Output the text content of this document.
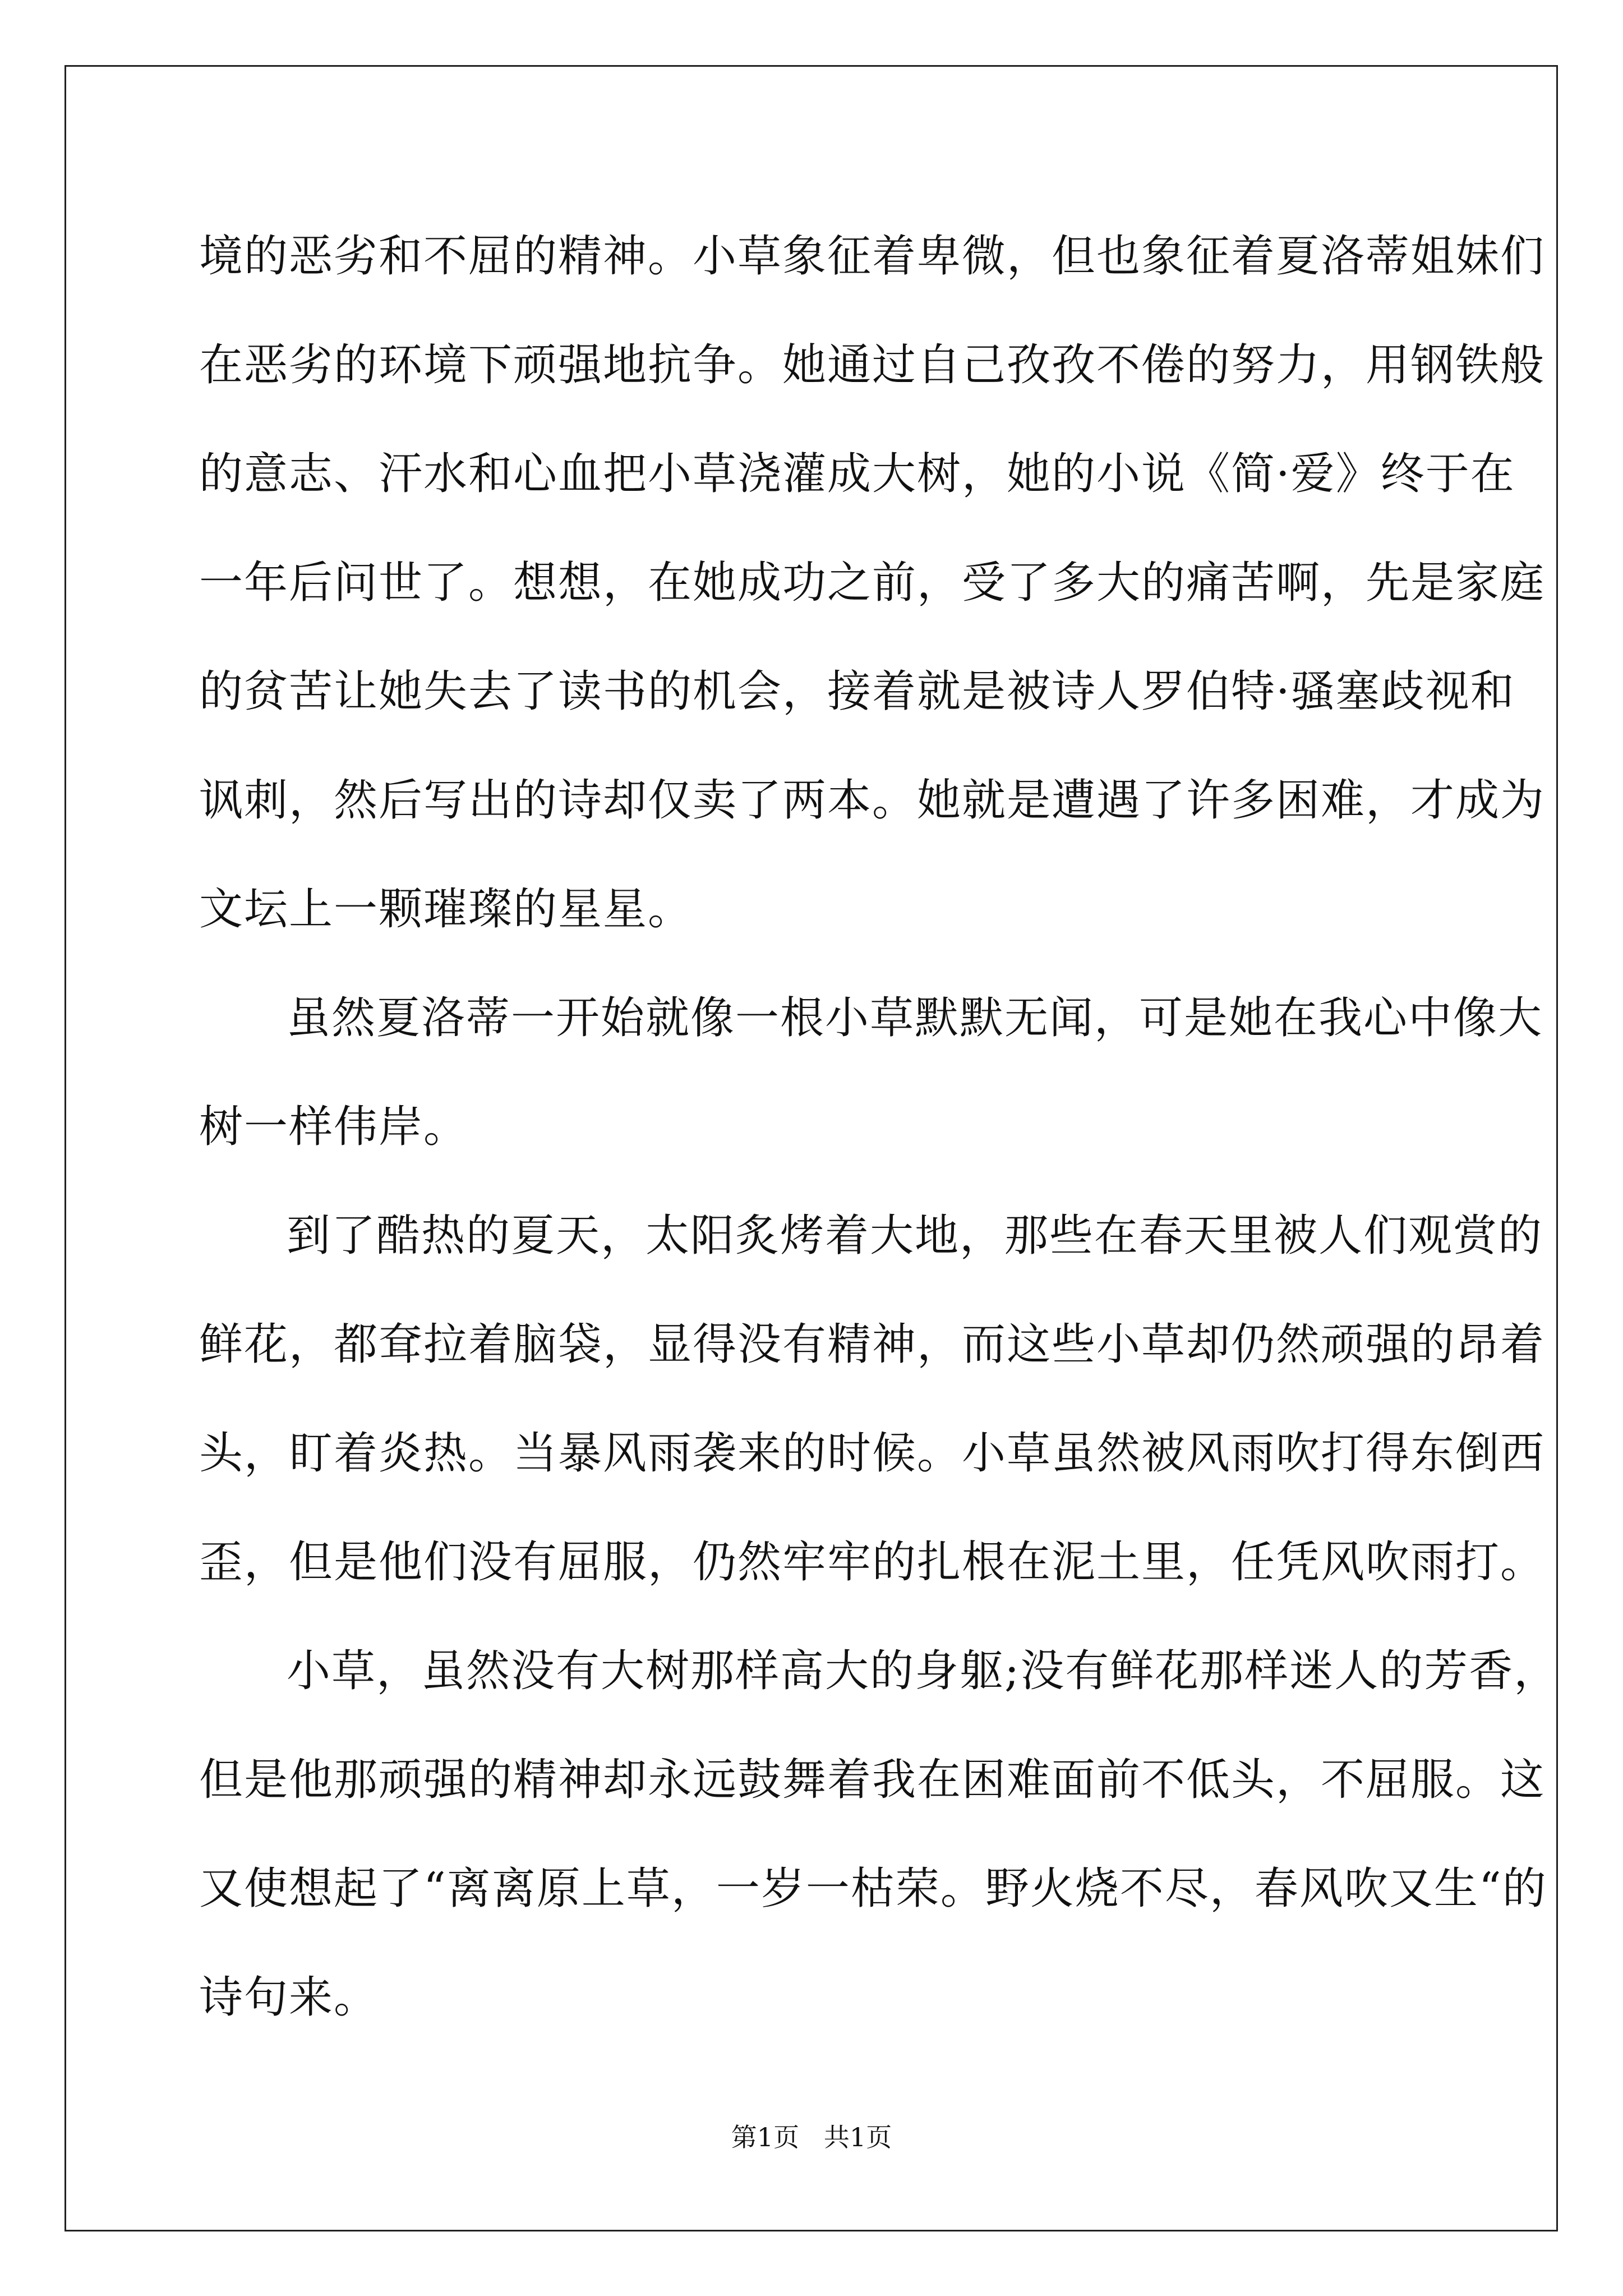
境的恶劣和不屈的精神。小草象征着卑微，但也象征着夏洛蒂姐妹们
在恶劣的环境下顽强地抗争。她通过自己孜孜不倦的努力，用钢铁般
的意志、汗水和心血把小草浇灌成大树，她的小说《简·爱》终于在
一年后问世了。想想，在她成功之前，受了多大的痛苦啊，先是家庭
的贫苦让她失去了读书的机会，接着就是被诗人罗伯特·骚塞歧视和
讽刺，然后写出的诗却仅卖了两本。她就是遭遇了许多困难，才成为
文坛上一颗璀璨的星星。
虽然夏洛蒂一开始就像一根小草默默无闻，可是她在我心中像大
树一样伟岸。
到了酷热的夏天，太阳炙烤着大地，那些在春天里被人们观赏的
鲜花，都耷拉着脑袋，显得没有精神，而这些小草却仍然顽强的昂着
头，盯着炎热。当暴风雨袭来的时候。小草虽然被风雨吹打得东倒西
歪，但是他们没有屈服，仍然牢牢的扎根在泥土里，任凭风吹雨打。
小草，虽然没有大树那样高大的身躯;没有鲜花那样迷人的芳香，
但是他那顽强的精神却永远鼓舞着我在困难面前不低头，不屈服。这
又使想起了“离离原上草，一岁一枯荣。野火烧不尽，春风吹又生“的
诗句来。
第1页   共1页
